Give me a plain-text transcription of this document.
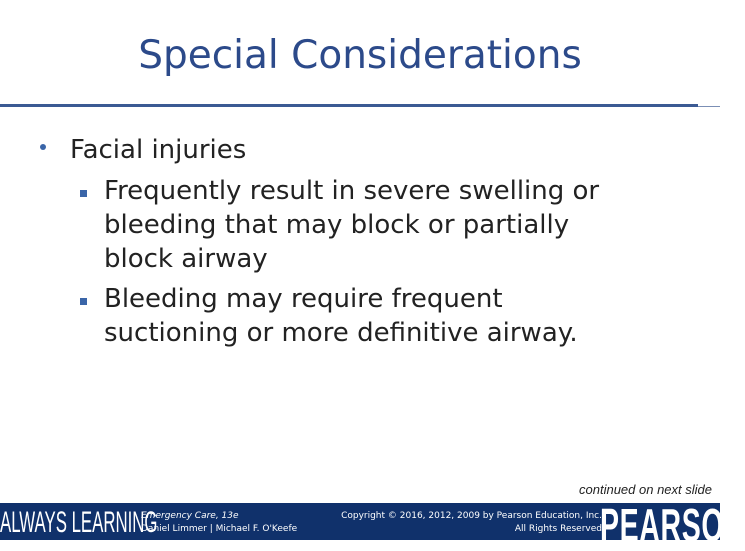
Special Considerations
Facial injuries
Frequently result in severe swelling or
bleeding that may block or partially
block airway
Bleeding may require frequent
suctioning or more definitive airway.
continued on next slide
ALWAYS LEARNING
Emergency Care, 13e
Daniel Limmer | Michael F. O'Keefe
Copyright © 2016, 2012, 2009 by Pearson Education, Inc.
All Rights Reserved
PEARSON
